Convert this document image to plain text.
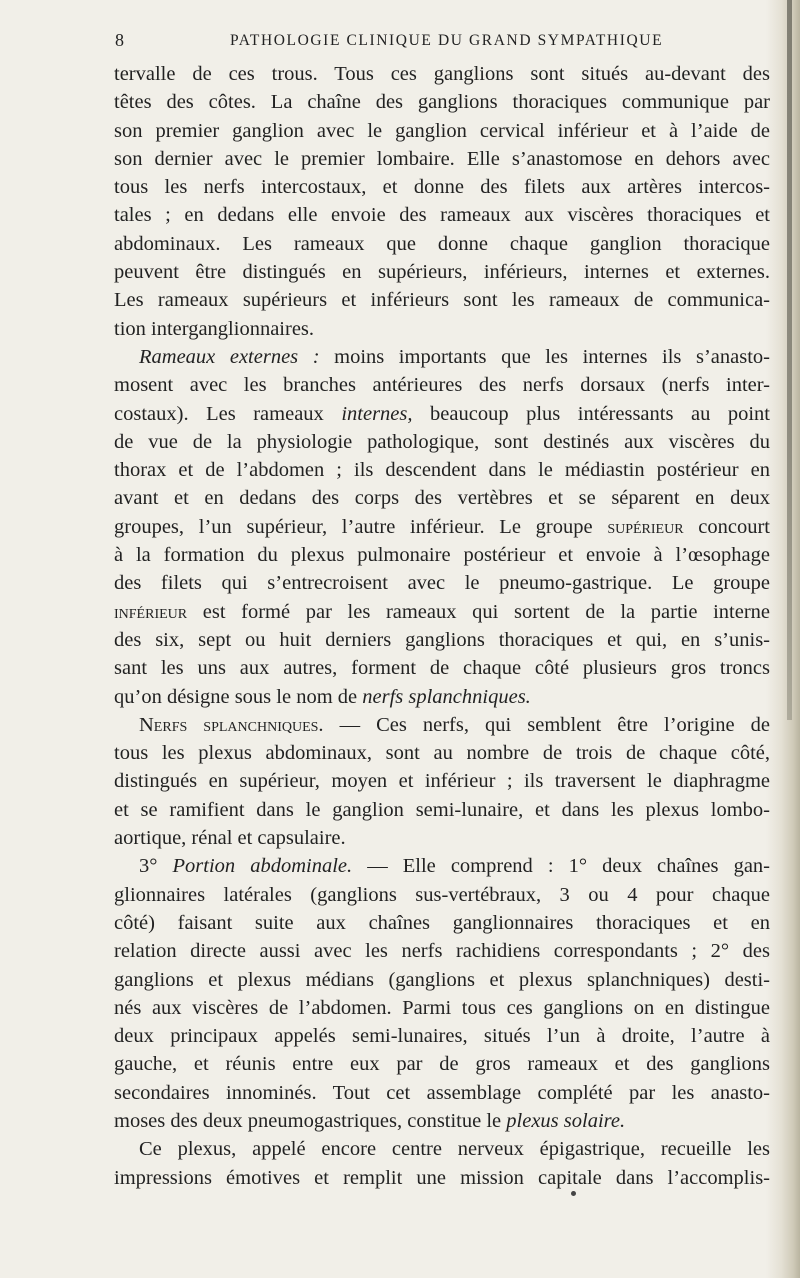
8	PATHOLOGIE CLINIQUE DU GRAND SYMPATHIQUE
tervalle de ces trous. Tous ces ganglions sont situés au-devant des
têtes des côtes. La chaîne des ganglions thoraciques communique par
son premier ganglion avec le ganglion cervical inférieur et à l’aide de
son dernier avec le premier lombaire. Elle s’anastomose en dehors avec
tous les nerfs intercostaux, et donne des filets aux artères intercos-
tales ; en dedans elle envoie des rameaux aux viscères thoraciques et
abdominaux. Les rameaux que donne chaque ganglion thoracique
peuvent être distingués en supérieurs, inférieurs, internes et externes.
Les rameaux supérieurs et inférieurs sont les rameaux de communica-
tion interganglionnaires.
Rameaux externes : moins importants que les internes ils s’anasto-
mosent avec les branches antérieures des nerfs dorsaux (nerfs inter-
costaux). Les rameaux internes, beaucoup plus intéressants au point
de vue de la physiologie pathologique, sont destinés aux viscères du
thorax et de l’abdomen ; ils descendent dans le médiastin postérieur en
avant et en dedans des corps des vertèbres et se séparent en deux
groupes, l’un supérieur, l’autre inférieur. Le groupe supérieur concourt
à la formation du plexus pulmonaire postérieur et envoie à l’œsophage
des filets qui s’entrecroisent avec le pneumo-gastrique. Le groupe
inférieur est formé par les rameaux qui sortent de la partie interne
des six, sept ou huit derniers ganglions thoraciques et qui, en s’unis-
sant les uns aux autres, forment de chaque côté plusieurs gros troncs
qu’on désigne sous le nom de nerfs splanchniques.
Nerfs splanchniques. — Ces nerfs, qui semblent être l’origine de
tous les plexus abdominaux, sont au nombre de trois de chaque côté,
distingués en supérieur, moyen et inférieur ; ils traversent le diaphragme
et se ramifient dans le ganglion semi-lunaire, et dans les plexus lombo-
aortique, rénal et capsulaire.
3° Portion abdominale. — Elle comprend : 1° deux chaînes gan-
glionnaires latérales (ganglions sus-vertébraux, 3 ou 4 pour chaque
côté) faisant suite aux chaînes ganglionnaires thoraciques et en
relation directe aussi avec les nerfs rachidiens correspondants ; 2° des
ganglions et plexus médians (ganglions et plexus splanchniques) desti-
nés aux viscères de l’abdomen. Parmi tous ces ganglions on en distingue
deux principaux appelés semi-lunaires, situés l’un à droite, l’autre à
gauche, et réunis entre eux par de gros rameaux et des ganglions
secondaires innominés. Tout cet assemblage complété par les anasto-
moses des deux pneumogastriques, constitue le plexus solaire.
Ce plexus, appelé encore centre nerveux épigastrique, recueille les
impressions émotives et remplit une mission capitale dans l’accomplis-
